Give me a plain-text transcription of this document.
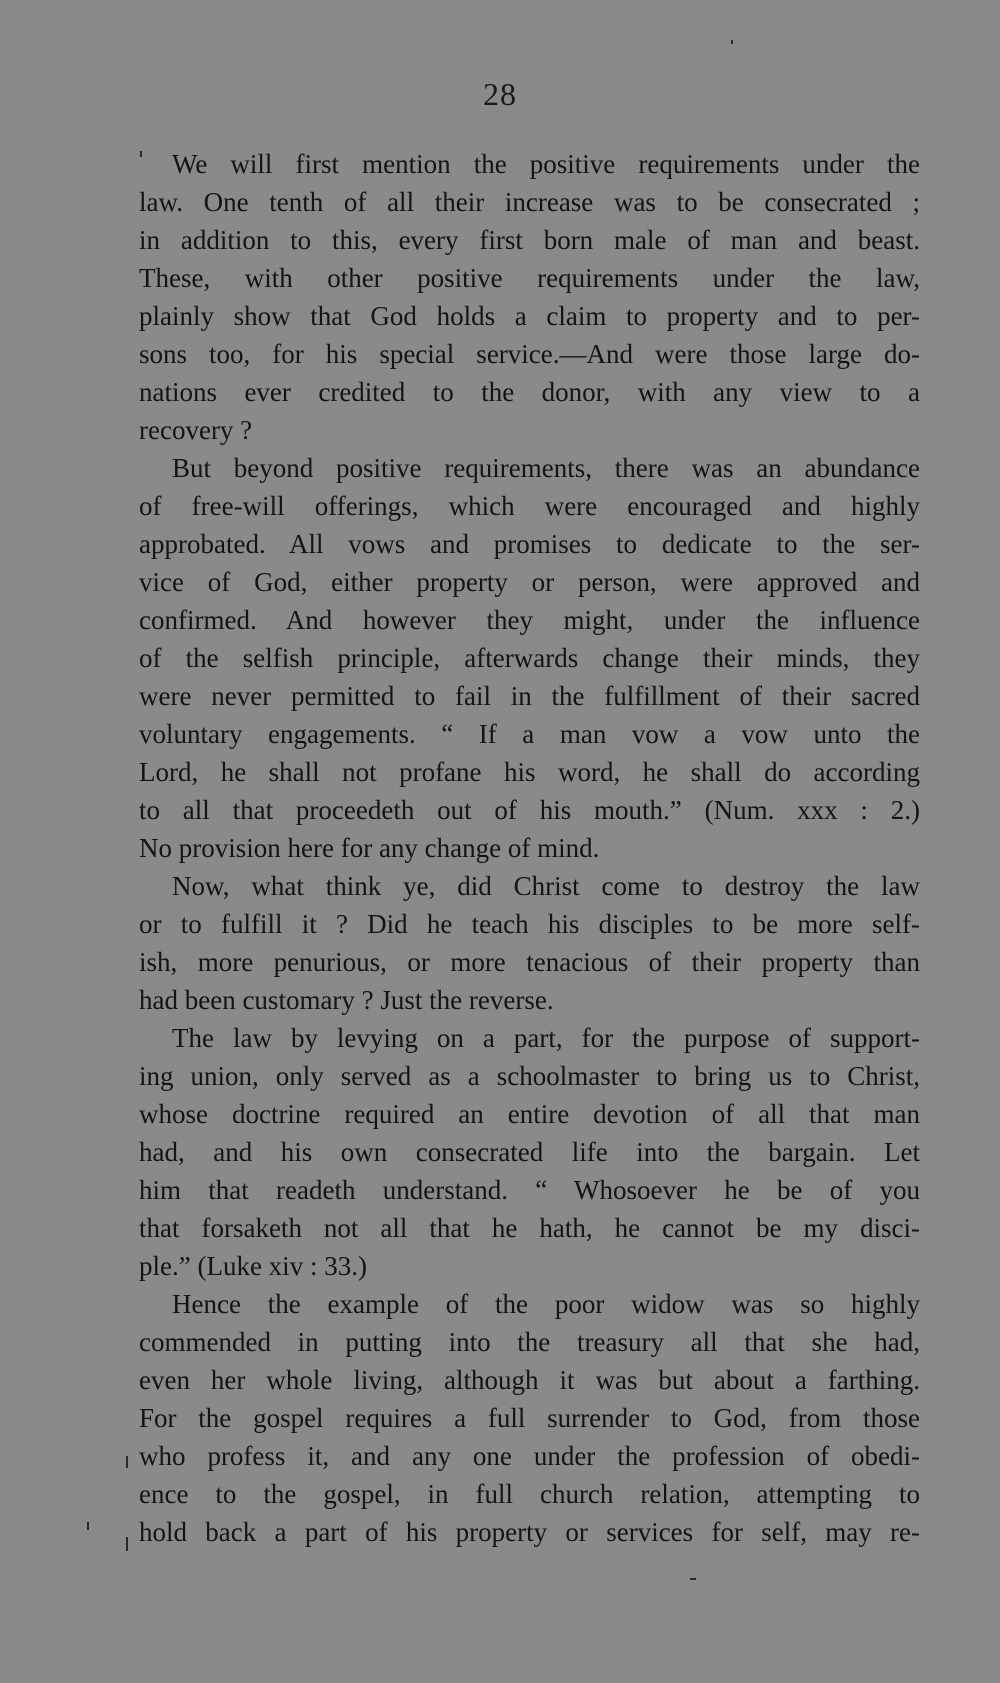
28
We will first mention the positive requirements under the
law. One tenth of all their increase was to be consecrated ;
in addition to this, every first born male of man and beast.
These, with other positive requirements under the law,
plainly show that God holds a claim to property and to per-
sons too, for his special service.—And were those large do-
nations ever credited to the donor, with any view to a
recovery ?
But beyond positive requirements, there was an abundance
of free-will offerings, which were encouraged and highly
approbated. All vows and promises to dedicate to the ser-
vice of God, either property or person, were approved and
confirmed. And however they might, under the influence
of the selfish principle, afterwards change their minds, they
were never permitted to fail in the fulfillment of their sacred
voluntary engagements. “ If a man vow a vow unto the
Lord, he shall not profane his word, he shall do according
to all that proceedeth out of his mouth.” (Num. xxx : 2.)
No provision here for any change of mind.
Now, what think ye, did Christ come to destroy the law
or to fulfill it ? Did he teach his disciples to be more self-
ish, more penurious, or more tenacious of their property than
had been customary ? Just the reverse.
The law by levying on a part, for the purpose of support-
ing union, only served as a schoolmaster to bring us to Christ,
whose doctrine required an entire devotion of all that man
had, and his own consecrated life into the bargain. Let
him that readeth understand. “ Whosoever he be of you
that forsaketh not all that he hath, he cannot be my disci-
ple.” (Luke xiv : 33.)
Hence the example of the poor widow was so highly
commended in putting into the treasury all that she had,
even her whole living, although it was but about a farthing.
For the gospel requires a full surrender to God, from those
who profess it, and any one under the profession of obedi-
ence to the gospel, in full church relation, attempting to
hold back a part of his property or services for self, may re-
